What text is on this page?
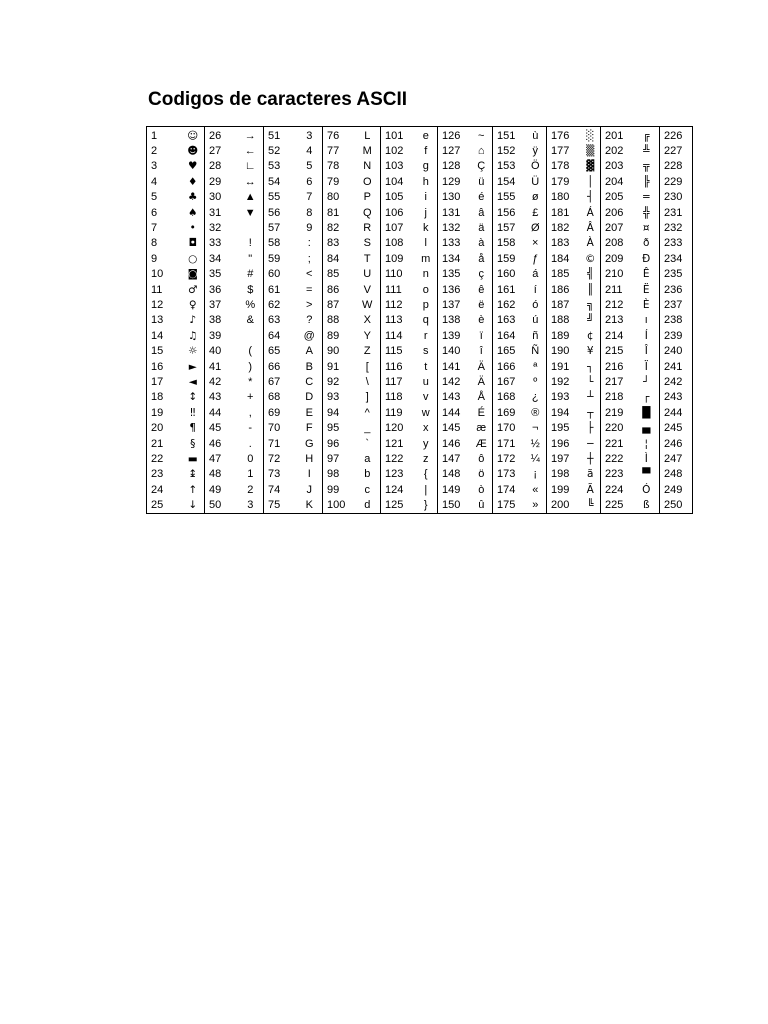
Codigos de caracteres ASCII
1	☺	26	→	51	3	76	L	101	e	126	~	151	ù	176	░	201	╔	226
2	☻	27	←	52	4	77	M	102	f	127	⌂	152	ÿ	177	▒	202	╩	227
3	♥	28	∟	53	5	78	N	103	g	128	Ç	153	Ö	178	▓	203	╦	228
4	♦	29	↔	54	6	79	O	104	h	129	ü	154	Ü	179	│	204	╠	229
5	♣	30	▲	55	7	80	P	105	i	130	é	155	ø	180	┤	205	═	230
6	♠	31	▼	56	8	81	Q	106	j	131	â	156	£	181	Á	206	╬	231
7	•	32		57	9	82	R	107	k	132	ä	157	Ø	182	Â	207	¤	232
8	◘	33	!	58	:	83	S	108	l	133	à	158	×	183	À	208	ð	233
9	○	34	"	59	;	84	T	109	m	134	å	159	ƒ	184	©	209	Ð	234
10	◙	35	#	60	<	85	U	110	n	135	ç	160	á	185	╣	210	Ê	235
11	♂	36	$	61	=	86	V	111	o	136	ê	161	í	186	║	211	Ë	236
12	♀	37	%	62	>	87	W	112	p	137	ë	162	ó	187	╗	212	È	237
13	♪	38	&	63	?	88	X	113	q	138	è	163	ú	188	╝	213	ı	238
14	♫	39		64	@	89	Y	114	r	139	ï	164	ñ	189	¢	214	Í	239
15	☼	40	(	65	A	90	Z	115	s	140	î	165	Ñ	190	¥	215	Î	240
16	►	41	)	66	B	91	[	116	t	141	Ä	166	ª	191	┐	216	Ï	241
17	◄	42	*	67	C	92	\	117	u	142	Ä	167	º	192	└	217	┘	242
18	↕	43	+	68	D	93	]	118	v	143	Å	168	¿	193	┴	218	┌	243
19	‼	44	,	69	E	94	^	119	w	144	É	169	®	194	┬	219	█	244
20	¶	45	-	70	F	95	_	120	x	145	æ	170	¬	195	├	220	▄	245
21	§	46	.	71	G	96	`	121	y	146	Æ	171	½	196	─	221	¦	246
22	▬	47	0	72	H	97	a	122	z	147	ô	172	¼	197	┼	222	Ì	247
23	↨	48	1	73	I	98	b	123	{	148	ö	173	¡	198	ã	223	▀	248
24	↑	49	2	74	J	99	c	124	|	149	ò	174	«	199	Ã	224	Ó	249
25	↓	50	3	75	K	100	d	125	}	150	û	175	»	200	╚	225	ß	250
